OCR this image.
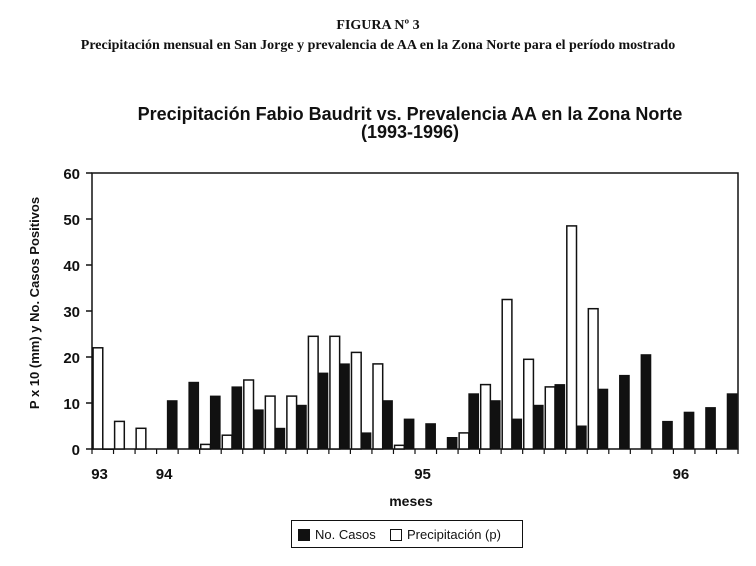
FIGURA Nº 3
Precipitación mensual en San Jorge y prevalencia de AA en la Zona Norte para el período mostrado
Precipitación Fabio Baudrit vs. Prevalencia AA en la Zona Norte
(1993-1996)
0
10
20
30
40
50
60
93	94	95	96
meses
P x 10 (mm) y No. Casos Positivos
No. Casos Precipitación (p)
